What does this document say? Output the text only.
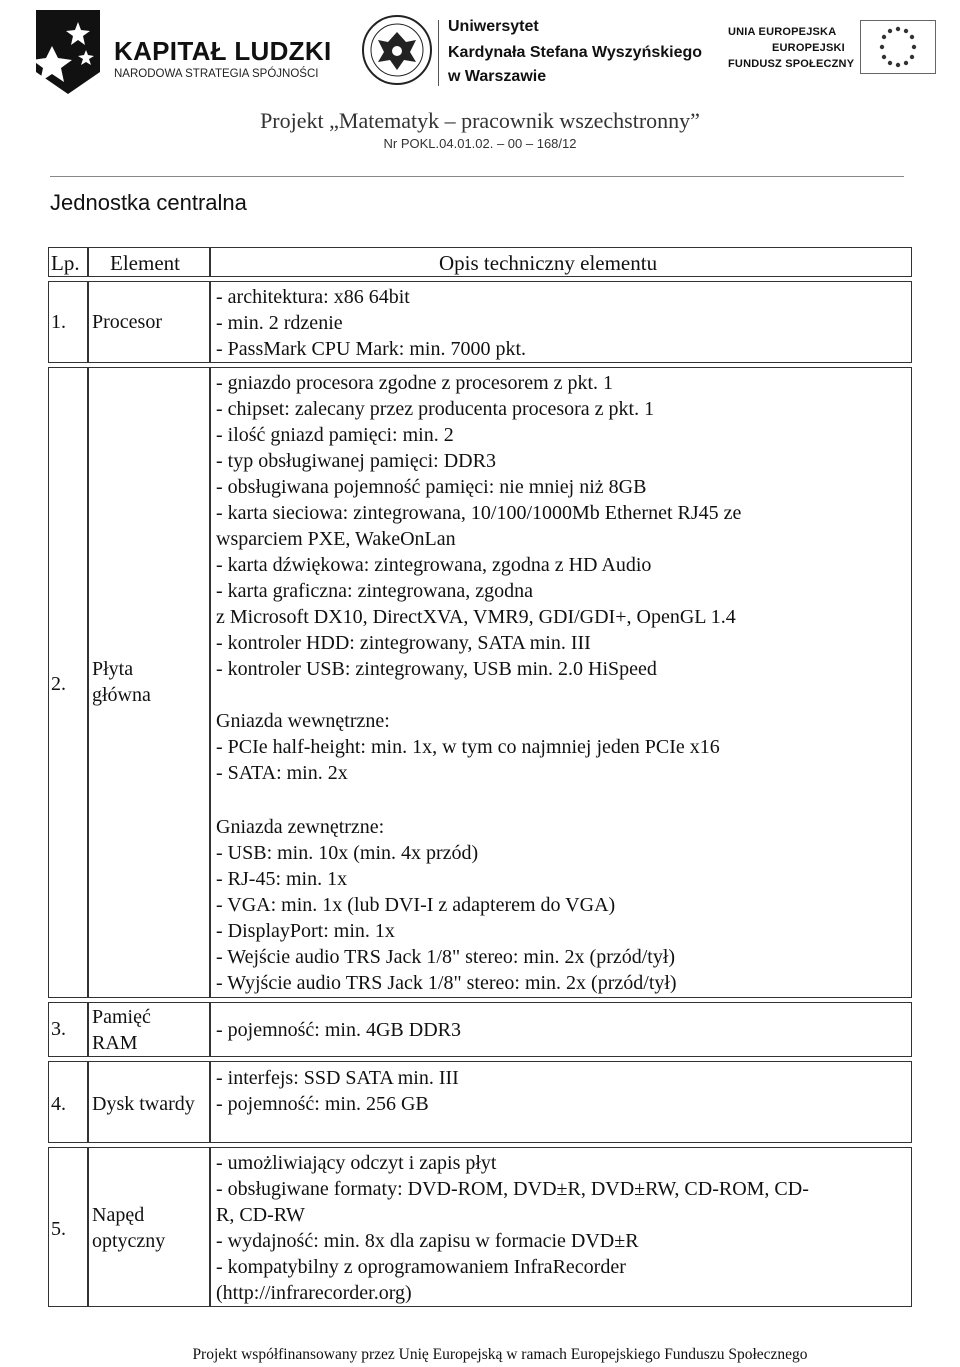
KAPITAŁ LUDZKI
NARODOWA STRATEGIA SPÓJNOŚCI
Uniwersytet
Kardynała Stefana Wyszyńskiego
w Warszawie
UNIA EUROPEJSKA
EUROPEJSKI
FUNDUSZ SPOŁECZNY
Projekt „Matematyk – pracownik wszechstronny”
Nr POKL.04.01.02. – 00 – 168/12
Jednostka centralna
Lp. Element	Opis techniczny elementu
1. Procesor
- architektura: x86 64bit
- min. 2 rdzenie
- PassMark CPU Mark: min. 7000 pkt.
2.
Płyta
główna
- gniazdo procesora zgodne z procesorem z pkt. 1
- chipset: zalecany przez producenta procesora z pkt. 1
- ilość gniazd pamięci: min. 2
- typ obsługiwanej pamięci: DDR3
- obsługiwana pojemność pamięci: nie mniej niż 8GB
- karta sieciowa: zintegrowana, 10/100/1000Mb Ethernet RJ45 ze
wsparciem PXE, WakeOnLan
- karta dźwiękowa: zintegrowana, zgodna z HD Audio
- karta graficzna: zintegrowana, zgodna
z Microsoft DX10, DirectXVA, VMR9, GDI/GDI+, OpenGL 1.4
- kontroler HDD: zintegrowany, SATA min. III
- kontroler USB: zintegrowany, USB min. 2.0 HiSpeed
Gniazda wewnętrzne:
- PCIe half-height: min. 1x, w tym co najmniej jeden PCIe x16
- SATA: min. 2x
Gniazda zewnętrzne:
- USB: min. 10x (min. 4x przód)
- RJ-45: min. 1x
- VGA: min. 1x (lub DVI-I z adapterem do VGA)
- DisplayPort: min. 1x
- Wejście audio TRS Jack 1/8" stereo: min. 2x (przód/tył)
- Wyjście audio TRS Jack 1/8" stereo: min. 2x (przód/tył)
3.
Pamięć
RAM
- pojemność: min. 4GB DDR3
4. Dysk twardy
- interfejs: SSD SATA min. III
- pojemność: min. 256 GB
5.
Napęd
optyczny
- umożliwiający odczyt i zapis płyt
- obsługiwane formaty: DVD-ROM, DVD±R, DVD±RW, CD-ROM, CD-
R, CD-RW
- wydajność: min. 8x dla zapisu w formacie DVD±R
- kompatybilny z oprogramowaniem InfraRecorder
(http://infrarecorder.org)
Projekt współfinansowany przez Unię Europejską w ramach Europejskiego Funduszu Społecznego
